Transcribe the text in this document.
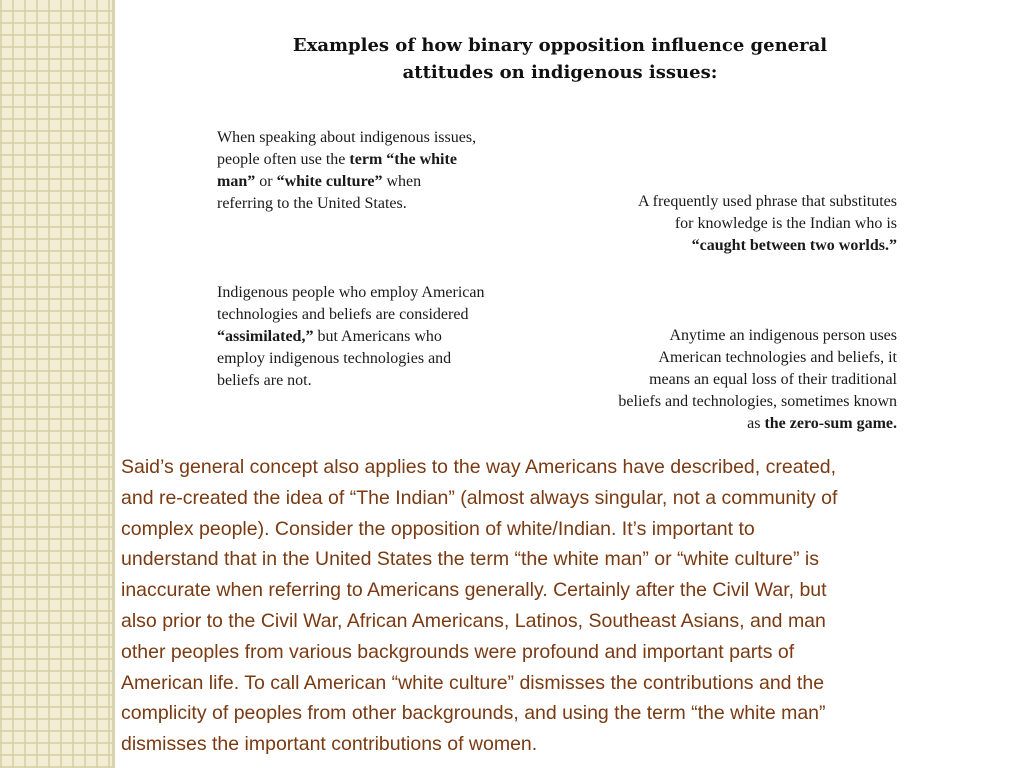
Examples of how binary opposition influence general
attitudes on indigenous issues:
When speaking about indigenous issues,
people often use the term “the white
man” or “white culture” when
referring to the United States.	A frequently used phrase that substitutes
for knowledge is the Indian who is
“caught between two worlds.”
Indigenous people who employ American
technologies and beliefs are considered
“assimilated,” but Americans who
employ indigenous technologies and
beliefs are not.
Anytime an indigenous person uses
American technologies and beliefs, it
means an equal loss of their traditional
beliefs and technologies, sometimes known
as the zero-sum game.
Said’s general concept also applies to the way Americans have described, created,
and re-created the idea of “The Indian” (almost always singular, not a community of
complex people). Consider the opposition of white/Indian. It’s important to
understand that in the United States the term “the white man” or “white culture” is
inaccurate when referring to Americans generally. Certainly after the Civil War, but
also prior to the Civil War, African Americans, Latinos, Southeast Asians, and man
other peoples from various backgrounds were profound and important parts of
American life. To call American “white culture” dismisses the contributions and the
complicity of peoples from other backgrounds, and using the term “the white man”
dismisses the important contributions of women.
